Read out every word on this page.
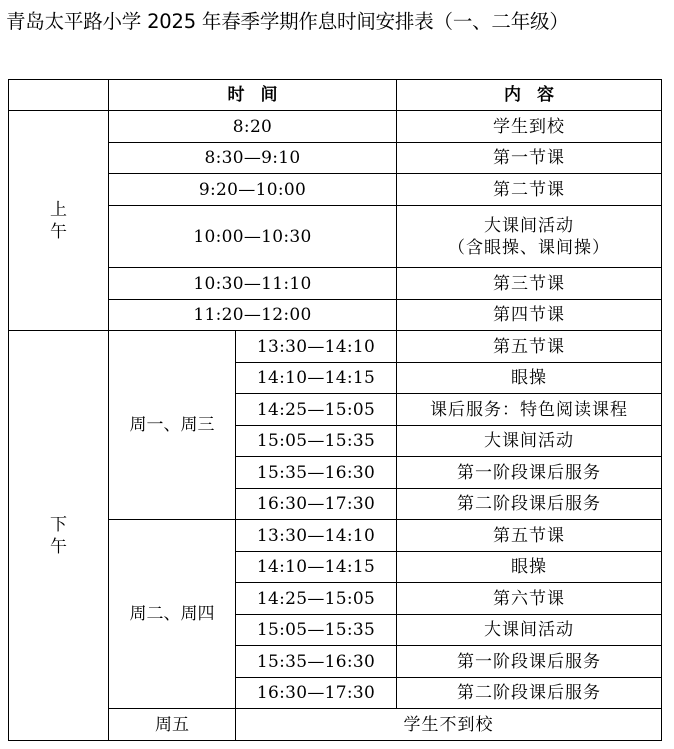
青岛太平路小学 2025 年春季学期作息时间安排表（一、二年级）
	时间		内容

上
午	8:20		学生到校
	8:30—9:10		第一节课
	9:20—10:00		第二节课
	10:00—10:30		大课间活动
（含眼操、课间操）

	10:30—11:10		第三节课
	11:20—12:00		第四节课

下
午	周一、周三	13:30—14:10	第五节课
		14:10—14:15	眼操
		14:25—15:05	课后服务：特色阅读课程
		15:05—15:35	大课间活动
		15:35—16:30	第一阶段课后服务
		16:30—17:30	第二阶段课后服务
	周二、周四	13:30—14:10	第五节课
		14:10—14:15	眼操
		14:25—15:05	第六节课
		15:05—15:35	大课间活动
		15:35—16:30	第一阶段课后服务
		16:30—17:30	第二阶段课后服务
	周五	学生不到校	
